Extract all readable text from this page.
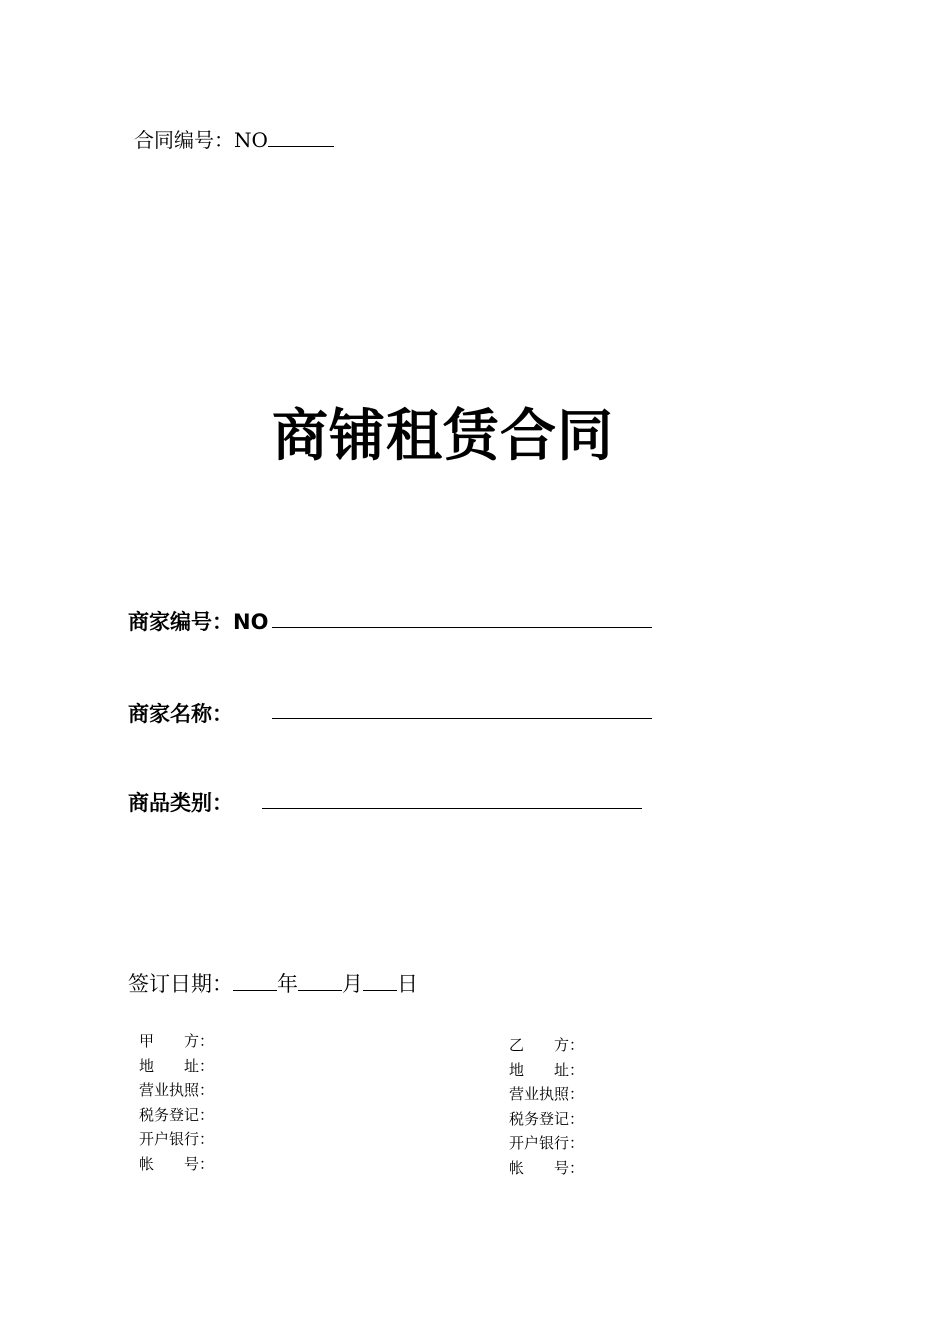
合同编号：NO
商铺租赁合同
商家编号：NO
商家名称：
商品类别：
签订日期： 年 月 日
甲　　方：
地　　址：
营业执照：
税务登记：
开户银行：
帐　　号：
乙　　方：
地　　址：
营业执照：
税务登记：
开户银行：
帐　　号：
